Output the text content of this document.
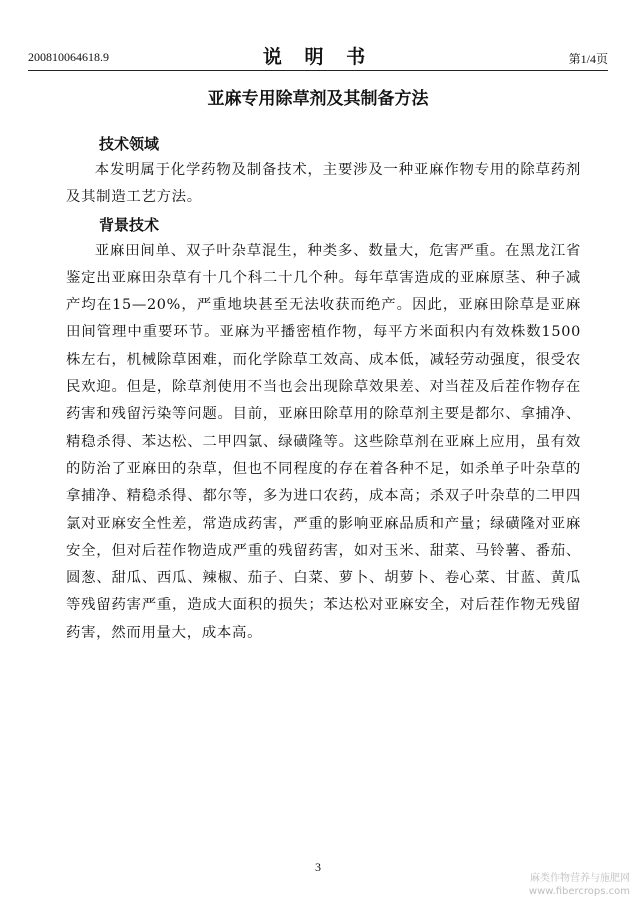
200810064618.9	说 明 书	第1/4页
亚麻专用除草剂及其制备方法
技术领域

本发明属于化学药物及制备技术，主要涉及一种亚麻作物专用的除草药剂及其制造工艺方法。

背景技术

亚麻田间单、双子叶杂草混生，种类多、数量大，危害严重。在黑龙江省鉴定出亚麻田杂草有十几个科二十几个种。每年草害造成的亚麻原茎、种子减产均在15—20%，严重地块甚至无法收获而绝产。因此，亚麻田除草是亚麻田间管理中重要环节。亚麻为平播密植作物，每平方米面积内有效株数1500株左右，机械除草困难，而化学除草工效高、成本低，减轻劳动强度，很受农民欢迎。但是，除草剂使用不当也会出现除草效果差、对当茬及后茬作物存在药害和残留污染等问题。目前，亚麻田除草用的除草剂主要是都尔、拿捕净、精稳杀得、苯达松、二甲四氯、绿磺隆等。这些除草剂在亚麻上应用，虽有效的防治了亚麻田的杂草，但也不同程度的存在着各种不足，如杀单子叶杂草的拿捕净、精稳杀得、都尔等，多为进口农药，成本高；杀双子叶杂草的二甲四氯对亚麻安全性差，常造成药害，严重的影响亚麻品质和产量；绿磺隆对亚麻安全，但对后茬作物造成严重的残留药害，如对玉米、甜菜、马铃薯、番茄、圆葱、甜瓜、西瓜、辣椒、茄子、白菜、萝卜、胡萝卜、卷心菜、甘蓝、黄瓜等残留药害严重，造成大面积的损失；苯达松对亚麻安全，对后茬作物无残留药害，然而用量大，成本高。

3
麻类作物营养与施肥网
www.fibercrops.com
